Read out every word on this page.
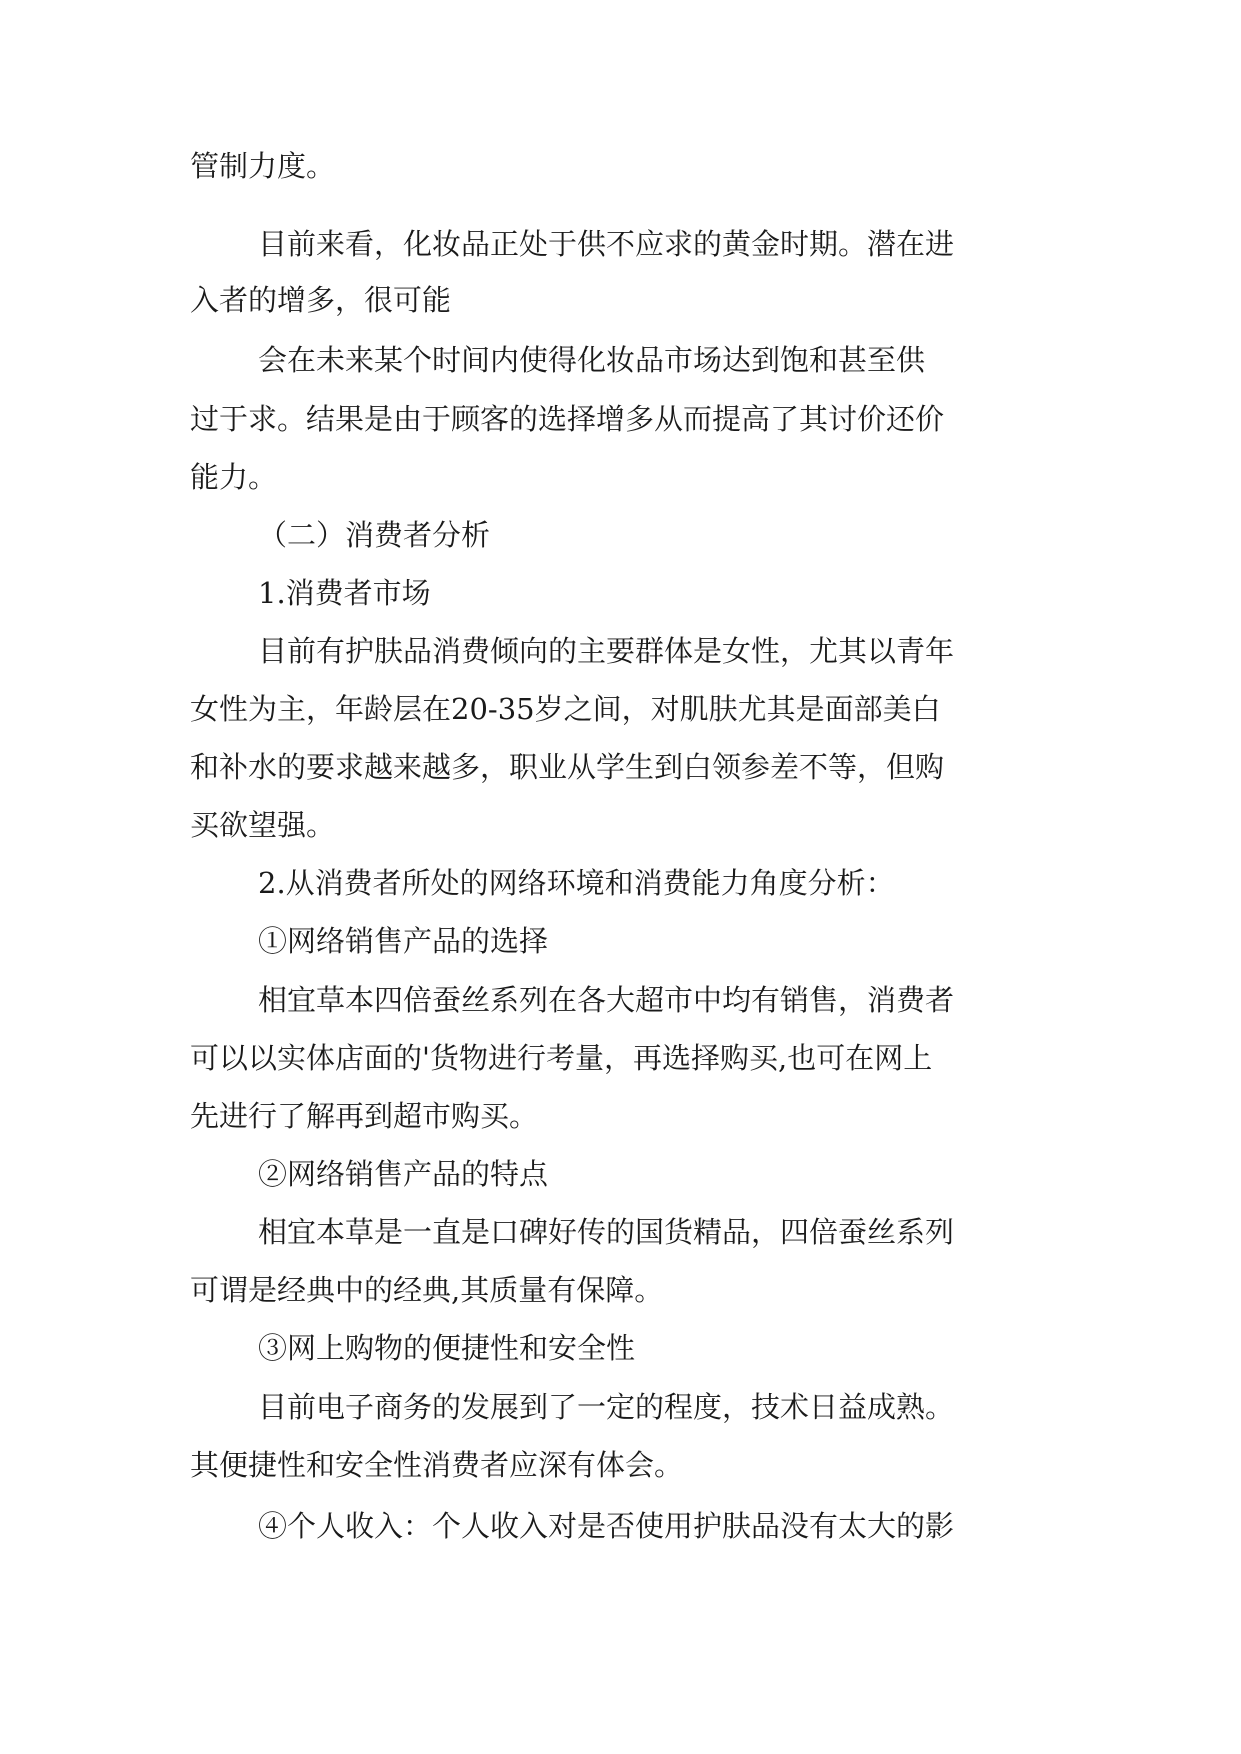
管制力度。
目前来看，化妆品正处于供不应求的黄金时期。潜在进
入者的增多，很可能
会在未来某个时间内使得化妆品市场达到饱和甚至供
过于求。结果是由于顾客的选择增多从而提高了其讨价还价
能力。
（二）消费者分析
1.消费者市场
目前有护肤品消费倾向的主要群体是女性，尤其以青年
女性为主，年龄层在20-35岁之间，对肌肤尤其是面部美白
和补水的要求越来越多，职业从学生到白领参差不等，但购
买欲望强。
2.从消费者所处的网络环境和消费能力角度分析：
①网络销售产品的选择
相宜草本四倍蚕丝系列在各大超市中均有销售，消费者
可以以实体店面的'货物进行考量，再选择购买,也可在网上
先进行了解再到超市购买。
②网络销售产品的特点
相宜本草是一直是口碑好传的国货精品，四倍蚕丝系列
可谓是经典中的经典,其质量有保障。
③网上购物的便捷性和安全性
目前电子商务的发展到了一定的程度，技术日益成熟。
其便捷性和安全性消费者应深有体会。
④个人收入：个人收入对是否使用护肤品没有太大的影
